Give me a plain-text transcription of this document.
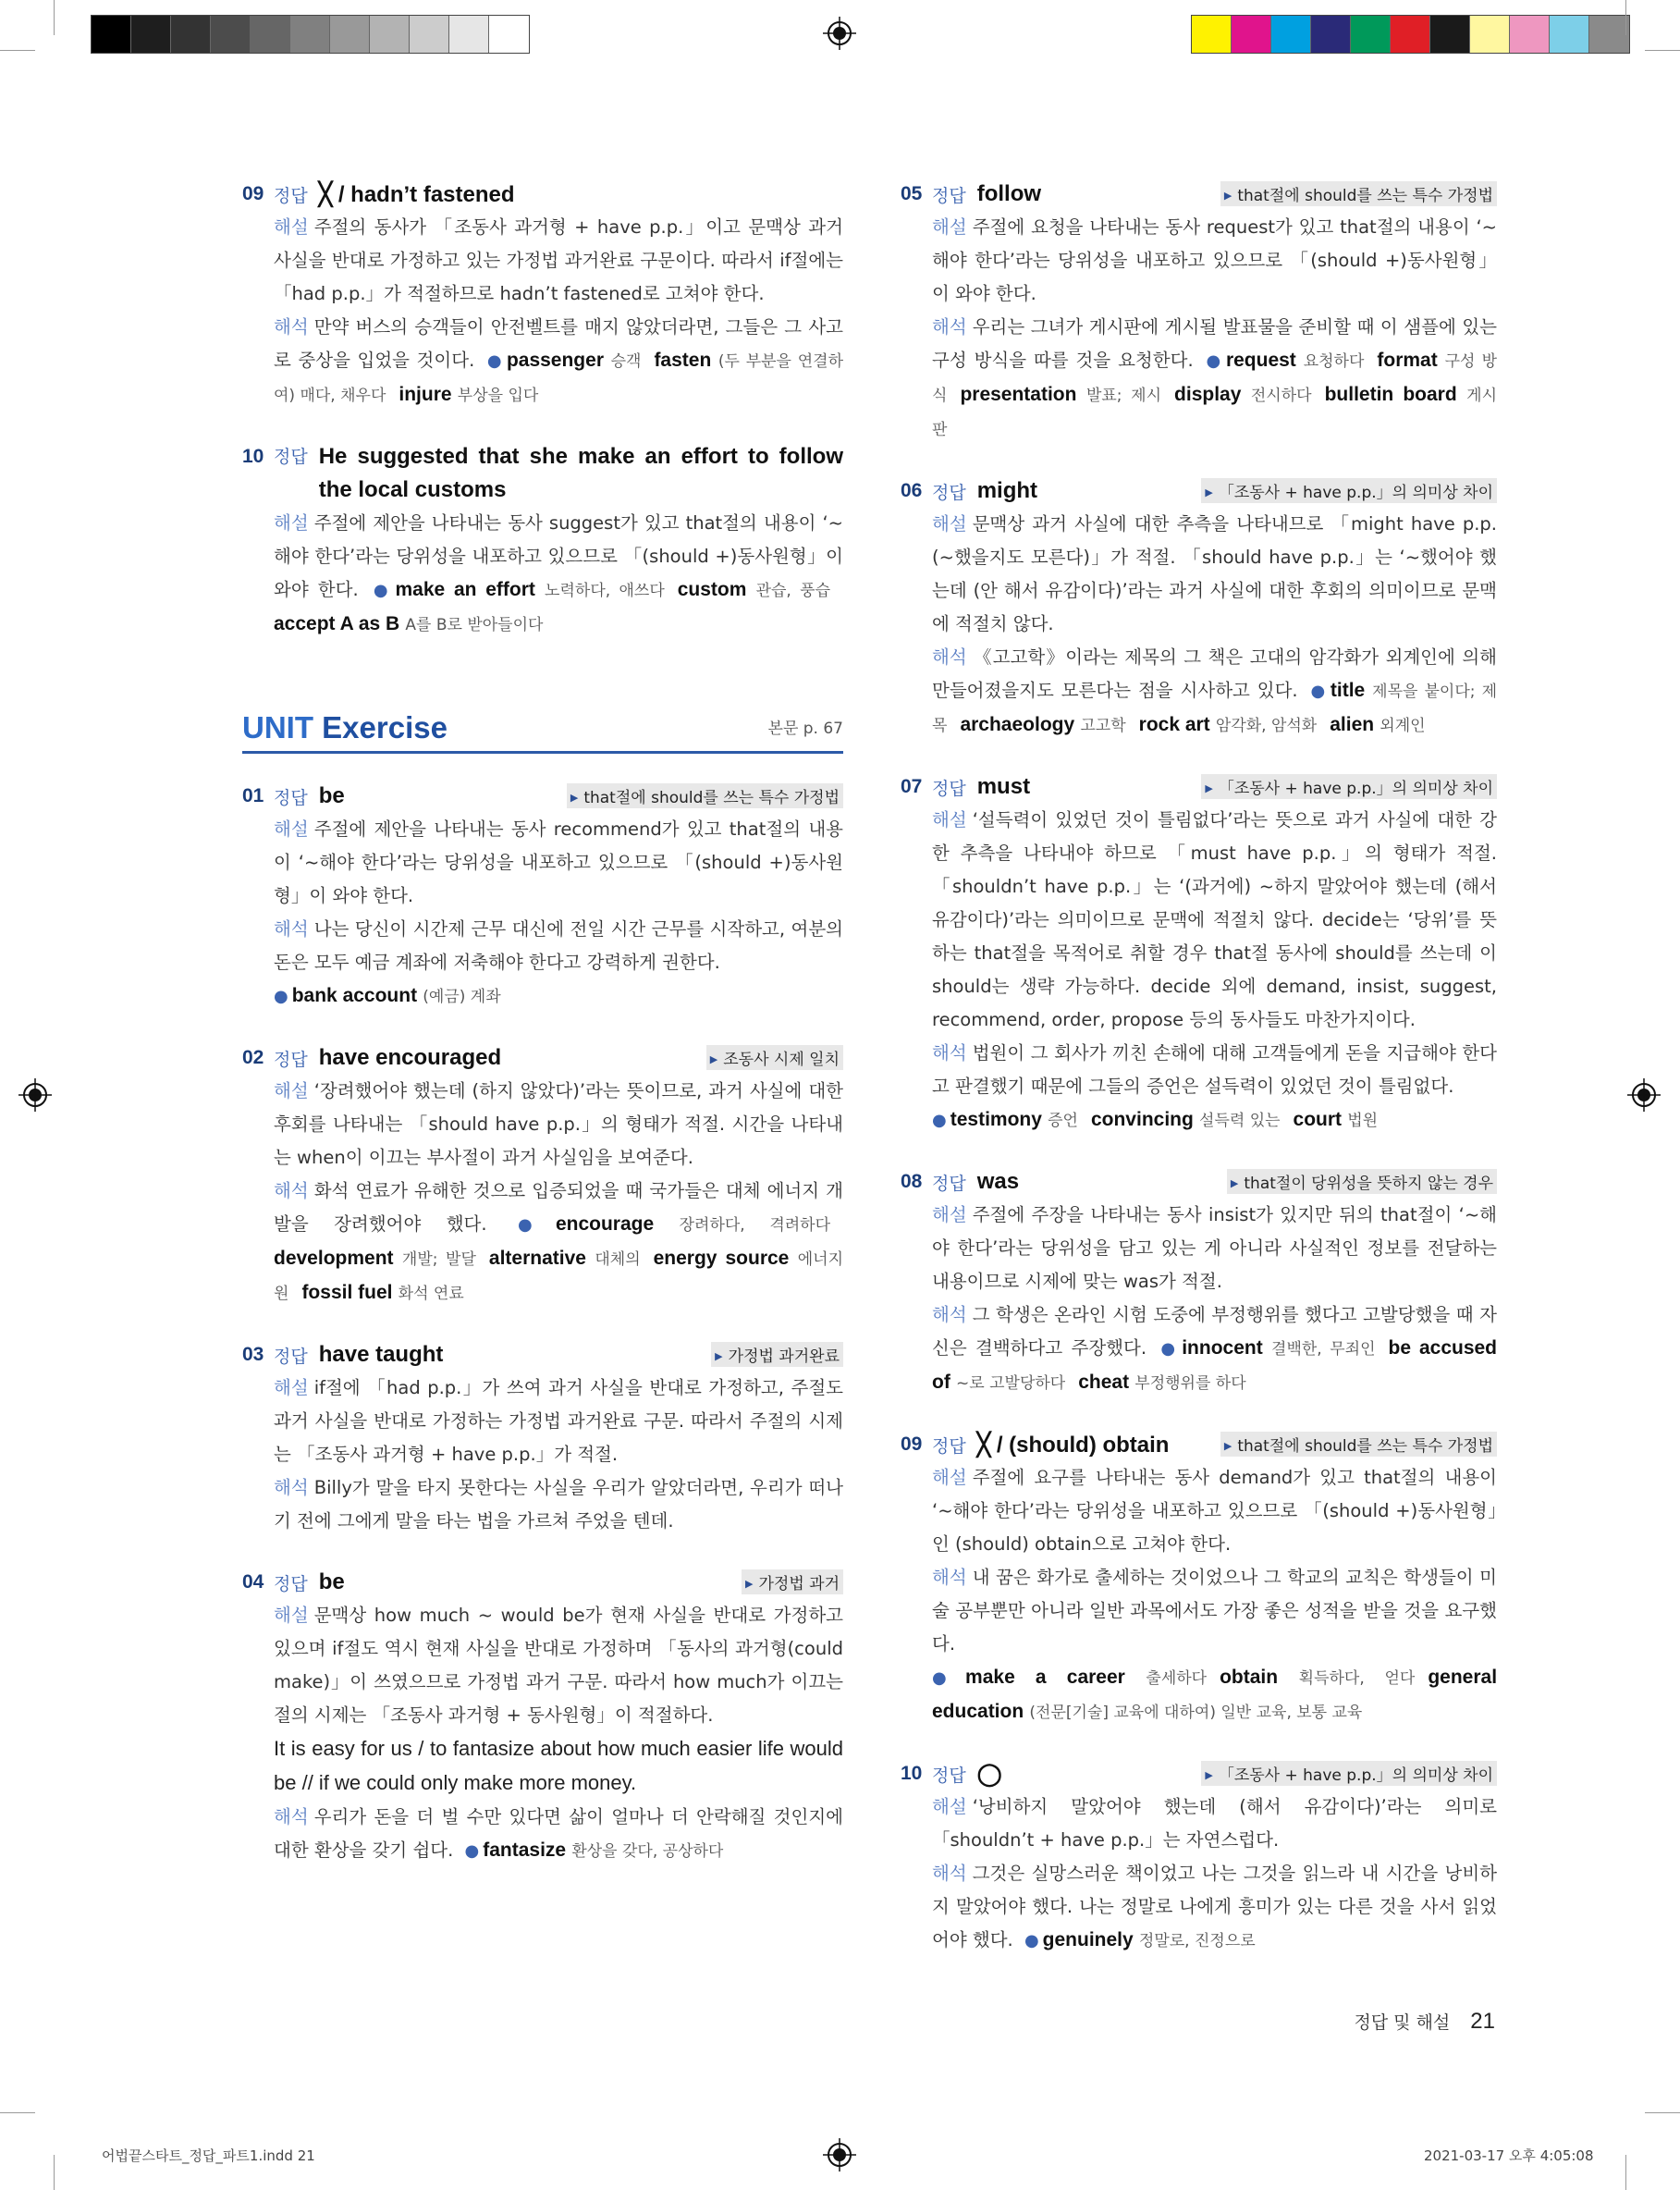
09 정답 ╳ / hadn’t fastened
해설 주절의 동사가 「조동사 과거형 + have p.p.」이고 문맥상 과거 사실을 반대로 가정하고 있는 가정법 과거완료 구문이다. 따라서 if절에는 「had p.p.」가 적절하므로 hadn’t fastened로 고쳐야 한다.
해석 만약 버스의 승객들이 안전벨트를 매지 않았더라면, 그들은 그 사고로 중상을 입었을 것이다. ● passenger 승객 fasten (두 부분을 연결하여) 매다, 채우다 injure 부상을 입다
10 정답 He suggested that she make an effort to follow the local customs
해설 주절에 제안을 나타내는 동사 suggest가 있고 that절의 내용이 ‘~해야 한다’라는 당위성을 내포하고 있으므로 「(should +)동사원형」이 와야 한다. ● make an effort 노력하다, 애쓰다 custom 관습, 풍습accept A as B A를 B로 받아들이다
UNIT Exercise	본문 p. 67
01 정답 be	▶ that절에 should를 쓰는 특수 가정법
해설 주절에 제안을 나타내는 동사 recommend가 있고 that절의 내용이 ‘~해야 한다’라는 당위성을 내포하고 있으므로 「(should +)동사원형」이 와야 한다.
해석 나는 당신이 시간제 근무 대신에 전일 시간 근무를 시작하고, 여분의 돈은 모두 예금 계좌에 저축해야 한다고 강력하게 권한다.
● bank account (예금) 계좌
02 정답 have encouraged	▶ 조동사 시제 일치
해설 ‘장려했어야 했는데 (하지 않았다)’라는 뜻이므로, 과거 사실에 대한 후회를 나타내는 「should have p.p.」의 형태가 적절. 시간을 나타내는 when이 이끄는 부사절이 과거 사실임을 보여준다.
해석 화석 연료가 유해한 것으로 입증되었을 때 국가들은 대체 에너지 개발을 장려했어야 했다. ● encourage 장려하다, 격려하다development 개발; 발달 alternative 대체의 energy source 에너지원 fossil fuel 화석 연료
03 정답 have taught	▶ 가정법 과거완료
해설 if절에 「had p.p.」가 쓰여 과거 사실을 반대로 가정하고, 주절도 과거 사실을 반대로 가정하는 가정법 과거완료 구문. 따라서 주절의 시제는 「조동사 과거형 + have p.p.」가 적절.
해석 Billy가 말을 타지 못한다는 사실을 우리가 알았더라면, 우리가 떠나기 전에 그에게 말을 타는 법을 가르쳐 주었을 텐데.
04 정답 be	▶ 가정법 과거
해설 문맥상 how much ~ would be가 현재 사실을 반대로 가정하고 있으며 if절도 역시 현재 사실을 반대로 가정하며 「동사의 과거형(could make)」이 쓰였으므로 가정법 과거 구문. 따라서 how much가 이끄는 절의 시제는 「조동사 과거형 + 동사원형」이 적절하다.
It is easy for us / to fantasize about how much easier life would be // if we could only make more money.
해석 우리가 돈을 더 벌 수만 있다면 삶이 얼마나 더 안락해질 것인지에 대한 환상을 갖기 쉽다. ● fantasize 환상을 갖다, 공상하다
05 정답 follow	▶ that절에 should를 쓰는 특수 가정법
해설 주절에 요청을 나타내는 동사 request가 있고 that절의 내용이 ‘~해야 한다’라는 당위성을 내포하고 있으므로 「(should +)동사원형」이 와야 한다.
해석 우리는 그녀가 게시판에 게시될 발표물을 준비할 때 이 샘플에 있는 구성 방식을 따를 것을 요청한다. ● request 요청하다 format 구성 방식 presentation 발표; 제시 display 전시하다 bulletin board 게시판
06 정답 might	▶ 「조동사 + have p.p.」의 의미상 차이
해설 문맥상 과거 사실에 대한 추측을 나타내므로 「might have p.p.(~했을지도 모른다)」가 적절. 「should have p.p.」는 ‘~했어야 했는데 (안 해서 유감이다)’라는 과거 사실에 대한 후회의 의미이므로 문맥에 적절치 않다.
해석 《고고학》이라는 제목의 그 책은 고대의 암각화가 외계인에 의해 만들어졌을지도 모른다는 점을 시사하고 있다. ● title 제목을 붙이다; 제목 archaeology 고고학 rock art 암각화, 암석화 alien 외계인
07 정답 must	▶ 「조동사 + have p.p.」의 의미상 차이
해설 ‘설득력이 있었던 것이 틀림없다’라는 뜻으로 과거 사실에 대한 강한 추측을 나타내야 하므로 「must have p.p.」의 형태가 적절. 「shouldn’t have p.p.」는 ‘(과거에) ~하지 말았어야 했는데 (해서 유감이다)’라는 의미이므로 문맥에 적절치 않다. decide는 ‘당위’를 뜻하는 that절을 목적어로 취할 경우 that절 동사에 should를 쓰는데 이 should는 생략 가능하다. decide 외에 demand, insist, suggest, recommend, order, propose 등의 동사들도 마찬가지이다.
해석 법원이 그 회사가 끼친 손해에 대해 고객들에게 돈을 지급해야 한다고 판결했기 때문에 그들의 증언은 설득력이 있었던 것이 틀림없다.
● testimony 증언 convincing 설득력 있는 court 법원
08 정답 was	▶ that절이 당위성을 뜻하지 않는 경우
해설 주절에 주장을 나타내는 동사 insist가 있지만 뒤의 that절이 ‘~해야 한다’라는 당위성을 담고 있는 게 아니라 사실적인 정보를 전달하는 내용이므로 시제에 맞는 was가 적절.
해석 그 학생은 온라인 시험 도중에 부정행위를 했다고 고발당했을 때 자신은 결백하다고 주장했다. ● innocent 결백한, 무죄인 be accused of ~로 고발당하다 cheat 부정행위를 하다
09 정답 ╳ / (should) obtain	▶ that절에 should를 쓰는 특수 가정법
해설 주절에 요구를 나타내는 동사 demand가 있고 that절의 내용이 ‘~해야 한다’라는 당위성을 내포하고 있으므로 「(should +)동사원형」인 (should) obtain으로 고쳐야 한다.
해석 내 꿈은 화가로 출세하는 것이었으나 그 학교의 교칙은 학생들이 미술 공부뿐만 아니라 일반 과목에서도 가장 좋은 성적을 받을 것을 요구했다.
● make a career 출세하다 obtain 획득하다, 얻다 general education (전문[기술] 교육에 대하여) 일반 교육, 보통 교육
10 정답 ◯	▶ 「조동사 + have p.p.」의 의미상 차이
해설 ‘낭비하지 말았어야 했는데 (해서 유감이다)’라는 의미로 「shouldn’t + have p.p.」는 자연스럽다.
해석 그것은 실망스러운 책이었고 나는 그것을 읽느라 내 시간을 낭비하지 말았어야 했다. 나는 정말로 나에게 흥미가 있는 다른 것을 사서 읽었어야 했다. ● genuinely 정말로, 진정으로
정답 및 해설 21
어법끝스타트_정답_파트1.indd 21	2021-03-17 오후 4:05:08
